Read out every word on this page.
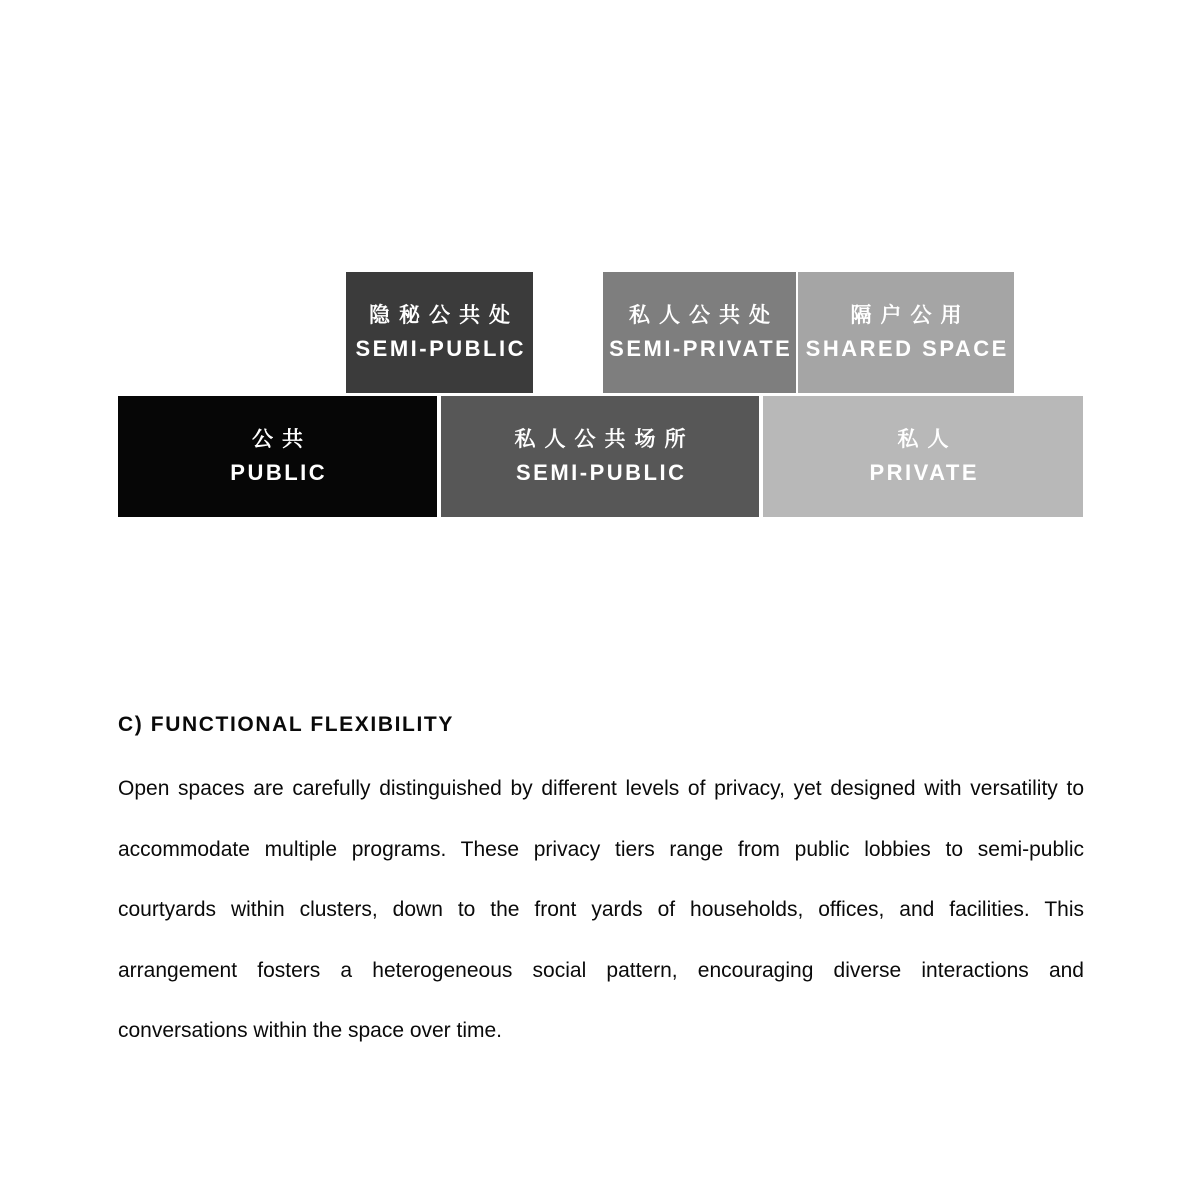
隐秘公共处
SEMI-PUBLIC
私人公共处
SEMI-PRIVATE
隔户公用
SHARED SPACE
公共
PUBLIC
私人公共场所
SEMI-PUBLIC
私人
PRIVATE
C) FUNCTIONAL FLEXIBILITY
Open spaces are carefully distinguished by different levels of privacy, yet designed with versatility to
accommodate multiple programs. These privacy tiers range from public lobbies to semi-public
courtyards within clusters, down to the front yards of households, offices, and facilities. This
arrangement fosters a heterogeneous social pattern, encouraging diverse interactions and
conversations within the space over time.
